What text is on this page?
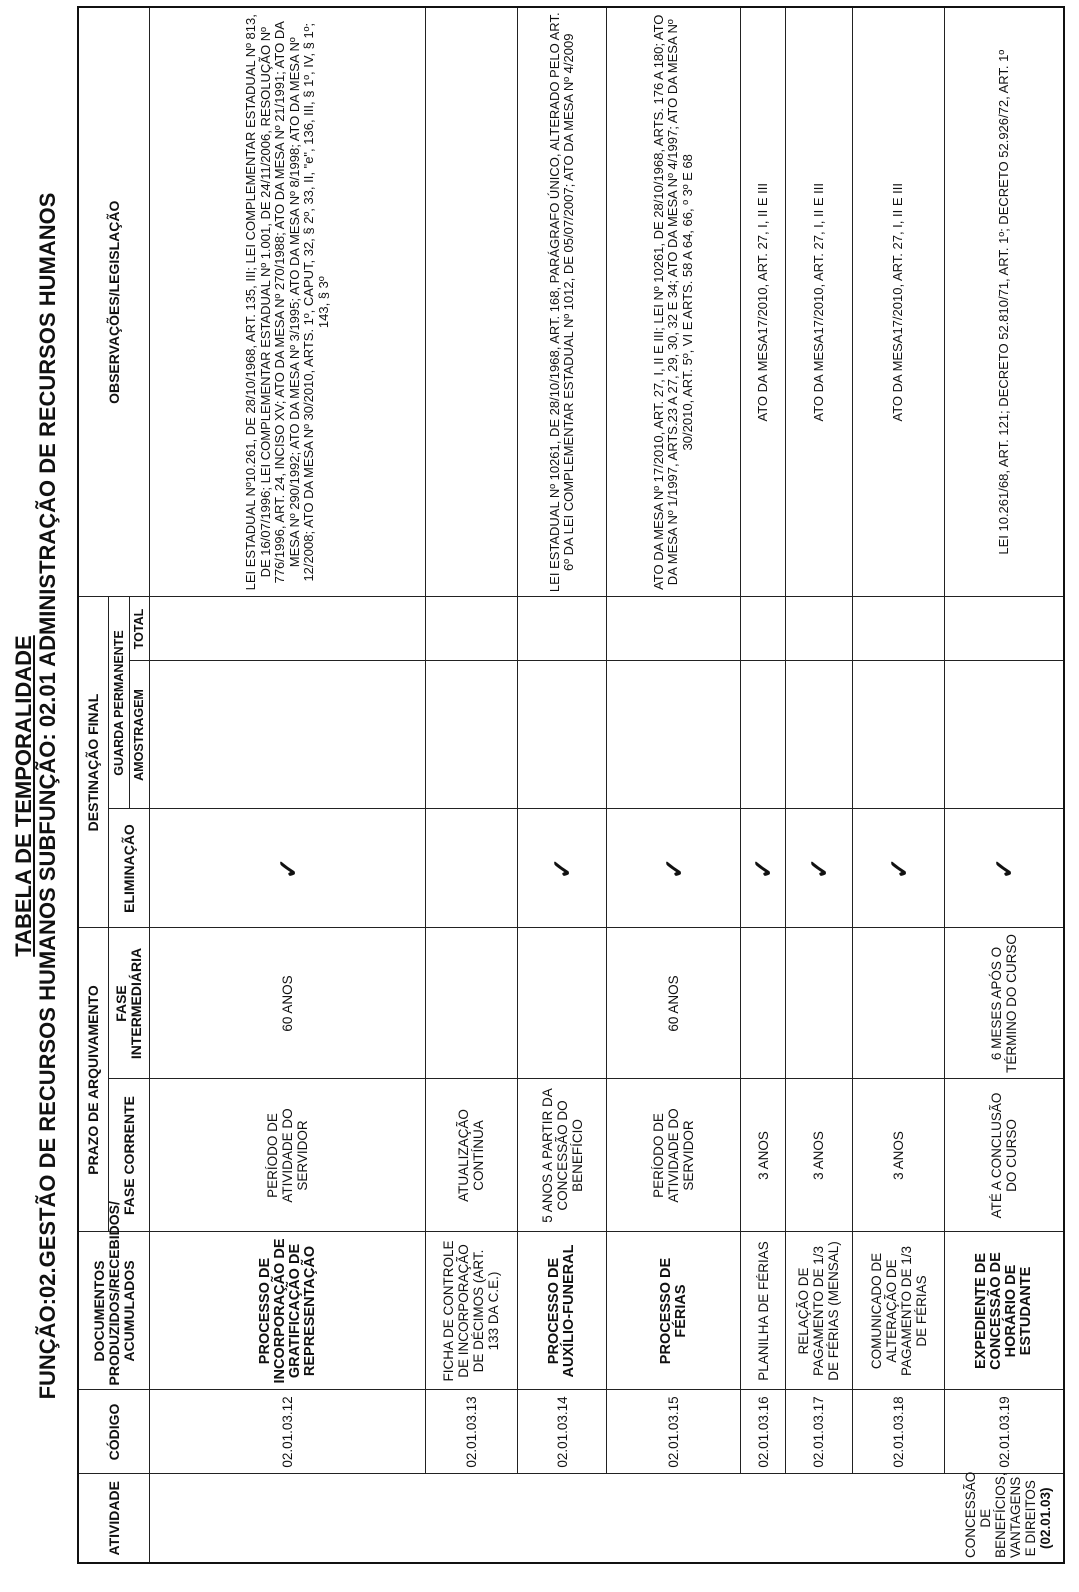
TABELA DE TEMPORALIDADE FUNÇÃO:02.GESTÃO DE RECURSOS HUMANOS SUBFUNÇÃO: 02.01 ADMINISTRAÇÃO DE RECURSOS HUMANOS
ATIVIDADE	CÓDIGO	DOCUMENTOS PRODUZIDOS/RECEBIDOS/ ACUMULADOS	PRAZO DE ARQUIVAMENTO		DESTINAÇÃO FINAL			OBSERVAÇÕES/LEGISLAÇÃO
			FASE CORRENTE	FASE INTERMEDIÁRIA	ELIMINAÇÃO	GUARDA PERMANENTE		
						AMOSTRAGEM	TOTAL	
CONCESSÃO DE BENEFÍCIOS, VANTAGENS E DIREITOS (02.01.03)	02.01.03.12	PROCESSO DE INCORPORAÇÃO DE GRATIFICAÇÃO DE REPRESENTAÇÃO	PERÍODO DE ATIVIDADE DO SERVIDOR	60 ANOS	✓			LEI ESTADUAL Nº10.261, DE 28/10/1968, ART. 135, III; LEI COMPLEMENTAR ESTADUAL Nº 813, DE 16/07/1996; LEI COMPLEMENTAR ESTADUAL Nº 1.001, DE 24/11/2006, RESOLUÇÃO Nº 776/1996, ART. 24, INCISO XV; ATO DA MESA Nº 270/1988; ATO DA MESA Nº 21/1991; ATO DA MESA Nº 290/1992; ATO DA MESA Nº 3/1995; ATO DA MESA Nº 8/1998; ATO DA MESA Nº 12/2008; ATO DA MESA Nº 30/2010, ARTS. 1º, CAPUT, 32, § 2º, 33, II, "e", 136, III, § 1º, IV, § 1º; 143, § 3º
	02.01.03.13	FICHA DE CONTROLE DE INCORPORAÇÃO DE DÉCIMOS (ART. 133 DA C.E.)	ATUALIZAÇÃO CONTÍNUA					
	02.01.03.14	PROCESSO DE AUXÍLIO-FUNERAL	5 ANOS A PARTIR DA CONCESSÃO DO BENEFÍCIO		✓			LEI ESTADUAL Nº 10261, DE 28/10/1968, ART. 168, PARÁGRAFO ÚNICO, ALTERADO PELO ART. 6º DA LEI COMPLEMENTAR ESTADUAL Nº 1012, DE 05/07/2007; ATO DA MESA Nº 4/2009
	02.01.03.15	PROCESSO DE FÉRIAS	PERÍODO DE ATIVIDADE DO SERVIDOR	60 ANOS	✓			ATO DA MESA Nº 17/2010, ART. 27, I, II E III; LEI Nº 10261, DE 28/10/1968, ARTS. 176 A 180; ATO DA MESA Nº 1/1997, ARTS.23 A 27, 29, 30, 32 E 34; ATO DA MESA Nº 4/1997; ATO DA MESA Nº 30/2010, ART. 5º, VI E ARTS. 58 A 64, 66, º 3º E 68
	02.01.03.16	PLANILHA DE FÉRIAS	3 ANOS		✓			ATO DA MESA17/2010, ART. 27, I, II E III
	02.01.03.17	RELAÇÃO DE PAGAMENTO DE 1/3 DE FÉRIAS (MENSAL)	3 ANOS		✓			ATO DA MESA17/2010, ART. 27, I, II E III
	02.01.03.18	COMUNICADO DE ALTERAÇÃO DE PAGAMENTO DE 1/3 DE FÉRIAS	3 ANOS		✓			ATO DA MESA17/2010, ART. 27, I, II E III
	02.01.03.19	EXPEDIENTE DE CONCESSÃO DE HORÁRIO DE ESTUDANTE	ATÉ A CONCLUSÃO DO CURSO	6 MESES APÓS O TÉRMINO DO CURSO	✓			LEI 10.261/68, ART. 121; DECRETO 52.810/71, ART. 1º; DECRETO 52.926/72, ART. 1º
